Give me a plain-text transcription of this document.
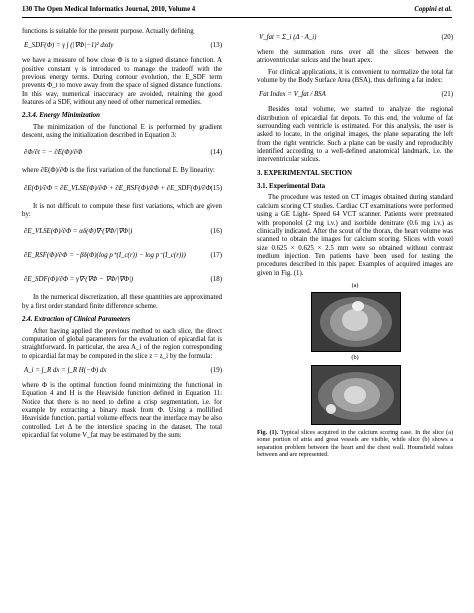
130 The Open Medical Informatics Journal, 2010, Volume 4	Coppini et al.

functions is suitable for the present purpose. Actually defining

E_SDF(Φ) = γ ∫ (|∇Φ|−1)² dxdy	(13)

we have a measure of how close Φ is to a signed distance function. A positive constant γ is introduced to manage the tradeoff with the previous energy terms. During contour evolution, the E_SDF term prevents Φ_t to move away from the space of signed distance functions. In this way, numerical inaccuracy are avoided, retaining the good features of a SDF, without any need of other numerical remedies.

2.3.4. Energy Minimization

The minimization of the functional E is performed by gradient descent, using the initialization described in Equation 3:

∂Φ/∂t = − ∂E(Φ)/∂Φ	(14)

where ∂E(Φ)/∂Φ is the first variation of the functional E. By linearity:

∂E(Φ)/∂Φ = ∂E_VLSE(Φ)/∂Φ + ∂E_RSF(Φ)/∂Φ + ∂E_SDF(Φ)/∂Φ (15)

It is not difficult to compute these first variations, which are given by:

∂E_VLSE(Φ)/∂Φ = αδ(Φ)∇·(∇Φ/|∇Φ|)	(16)
∂E_RSF(Φ)/∂Φ = −βδ(Φ)(log p⁺(I_c(r)) − log p⁻(I_c(r)))	(17)
∂E_SDF(Φ)/∂Φ = γ∇·(∇Φ − ∇Φ/|∇Φ|)	(18)

In the numerical discretization, all these quantities are approximated by a first order standard finite difference scheme.

2.4. Extraction of Clinical Parameters

After having applied the previous method to each slice, the direct computation of global parameters for the evaluation of epicardial fat is straightforward. In particular, the area A_i of the region corresponding to epicardial fat may be computed in the slice z = z_i by the formula:

A_i = ∫_R dx = ∫_R H(−Φ) dx	(19)

where Φ is the optimal function found minimizing the functional in Equation 4 and H is the Heaviside function defined in Equation 11: Notice that there is no need to define a crisp segmentation, i.e. for example by extracting a binary mask from Φ. Using a mollified Heaviside function, partial volume effects near the interface may be also controlled. Let Δ be the interslice spacing in the dataset. The total epicardial fat volume V_fat may be estimated by the sum:

V_fat = Σ_i (Δ · A_i)	(20)

where the summation runs over all the slices between the atrioventricular sulcus and the heart apex.

For clinical applications, it is convenient to normalize the total fat volume by the Body Surface Area (BSA), thus defining a fat index:

Fat Index = V_fat / BSA	(21)

Besides total volume, we started to analyze the regional distribution of epicardial fat depots. To this end, the volume of fat surrounding each ventricle is estimated. For this analysis, the user is asked to locate, in the original images, the plane separating the left from the right ventricle. Such a plane can be easily and reproducibly identified according to a well-defined anatomical landmark, i.e. the interventricular sulcus.

3. EXPERIMENTAL SECTION
3.1. Experimental Data

The procedure was tested on CT images obtained during standard calcium scoring CT studies. Cardiac CT examinations were performed using a GE Light- Speed 64 VCT scanner. Patients were pretreated with proponolol (2 mg i.v.) and isorbide denitrate (0.6 mg i.v.) as clinically indicated. After the scout of the thorax, the heart volume was scanned to obtain the images for calcium scoring. Slices with voxel size 0.625 × 0.625 × 2.5 mm were so obtained without contrast medium injection. Ten patients have been used for testing the procedures described in this paper. Examples of acquired images are given in Fig. (1).

(a)
(b)
Fig. (1). Typical slices acquired in the calcium scoring case. In the slice (a) some portion of atria and great vessels are visible, while slice (b) shows a separation problem between the heart and the chest wall. Hounsfield values between and are represented.
